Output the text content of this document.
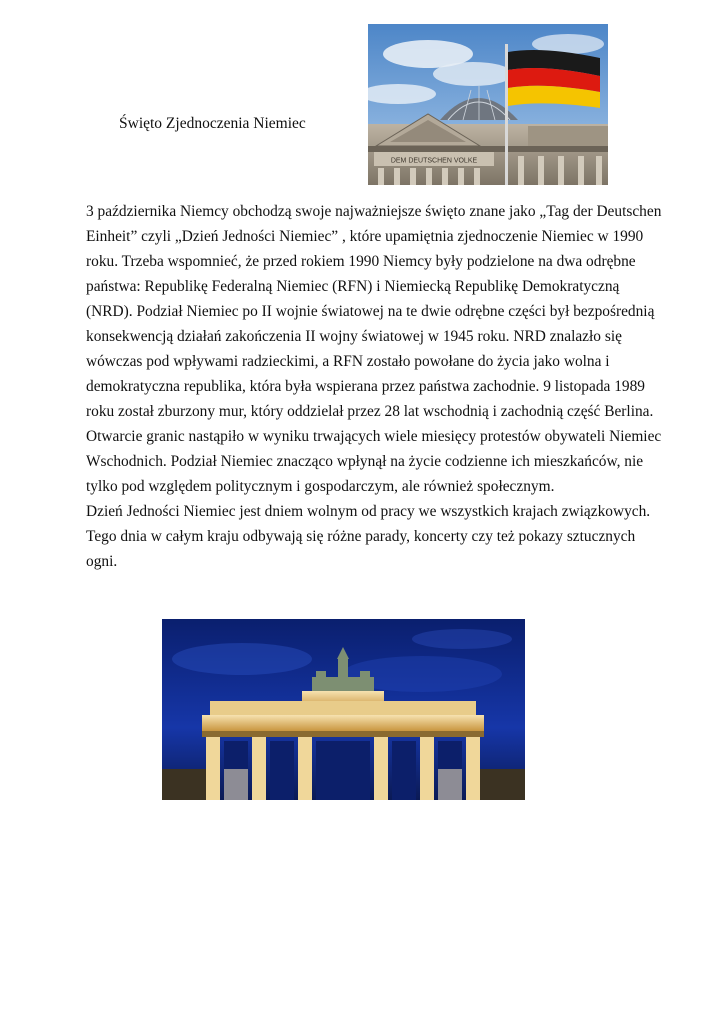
Święto Zjednoczenia Niemiec
DEM DEUTSCHEN VOLKE
3 października Niemcy obchodzą swoje najważniejsze święto znane jako „Tag der Deutschen
Einheit” czyli „Dzień Jedności Niemiec” , które upamiętnia zjednoczenie Niemiec w 1990
roku. Trzeba wspomnieć, że przed rokiem 1990 Niemcy były podzielone na dwa odrębne
państwa: Republikę Federalną Niemiec (RFN) i Niemiecką Republikę Demokratyczną
(NRD). Podział Niemiec po II wojnie światowej na te dwie odrębne części był bezpośrednią
konsekwencją działań zakończenia II wojny światowej w 1945 roku. NRD znalazło się
wówczas pod wpływami radzieckimi, a RFN zostało powołane do życia jako wolna i
demokratyczna republika, która była wspierana przez państwa zachodnie. 9 listopada 1989
roku został zburzony mur, który oddzielał przez 28 lat wschodnią i zachodnią część Berlina.
Otwarcie granic nastąpiło w wyniku trwających wiele miesięcy protestów obywateli Niemiec
Wschodnich. Podział Niemiec znacząco wpłynął na życie codzienne ich mieszkańców, nie
tylko pod względem politycznym i gospodarczym, ale również społecznym.
Dzień Jedności Niemiec jest dniem wolnym od pracy we wszystkich krajach związkowych.
Tego dnia w całym kraju odbywają się różne parady, koncerty czy też pokazy sztucznych
ogni.
